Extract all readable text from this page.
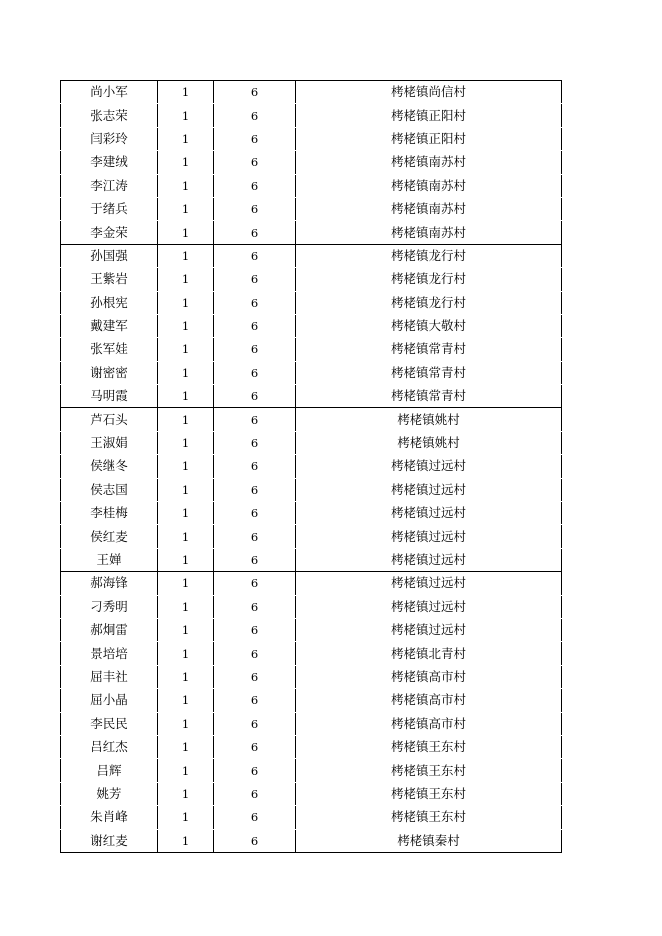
尚小军	1	6	栲栳镇尚信村
张志荣	1	6	栲栳镇正阳村
闫彩玲	1	6	栲栳镇正阳村
李建绒	1	6	栲栳镇南苏村
李江涛	1	6	栲栳镇南苏村
于绪兵	1	6	栲栳镇南苏村
李金荣	1	6	栲栳镇南苏村
孙国强	1	6	栲栳镇龙行村
王紫岩	1	6	栲栳镇龙行村
孙根宪	1	6	栲栳镇龙行村
戴建军	1	6	栲栳镇大敬村
张军娃	1	6	栲栳镇常青村
谢密密	1	6	栲栳镇常青村
马明霞	1	6	栲栳镇常青村
芦石头	1	6	栲栳镇姚村
王淑娟	1	6	栲栳镇姚村
侯继冬	1	6	栲栳镇过远村
侯志国	1	6	栲栳镇过远村
李桂梅	1	6	栲栳镇过远村
侯红麦	1	6	栲栳镇过远村
王婵	1	6	栲栳镇过远村
郝海锋	1	6	栲栳镇过远村
刁秀明	1	6	栲栳镇过远村
郝炯雷	1	6	栲栳镇过远村
景培培	1	6	栲栳镇北青村
屈丰社	1	6	栲栳镇高市村
屈小晶	1	6	栲栳镇高市村
李民民	1	6	栲栳镇高市村
吕红杰	1	6	栲栳镇王东村
吕辉	1	6	栲栳镇王东村
姚芳	1	6	栲栳镇王东村
朱肖峰	1	6	栲栳镇王东村
谢红麦	1	6	栲栳镇秦村
